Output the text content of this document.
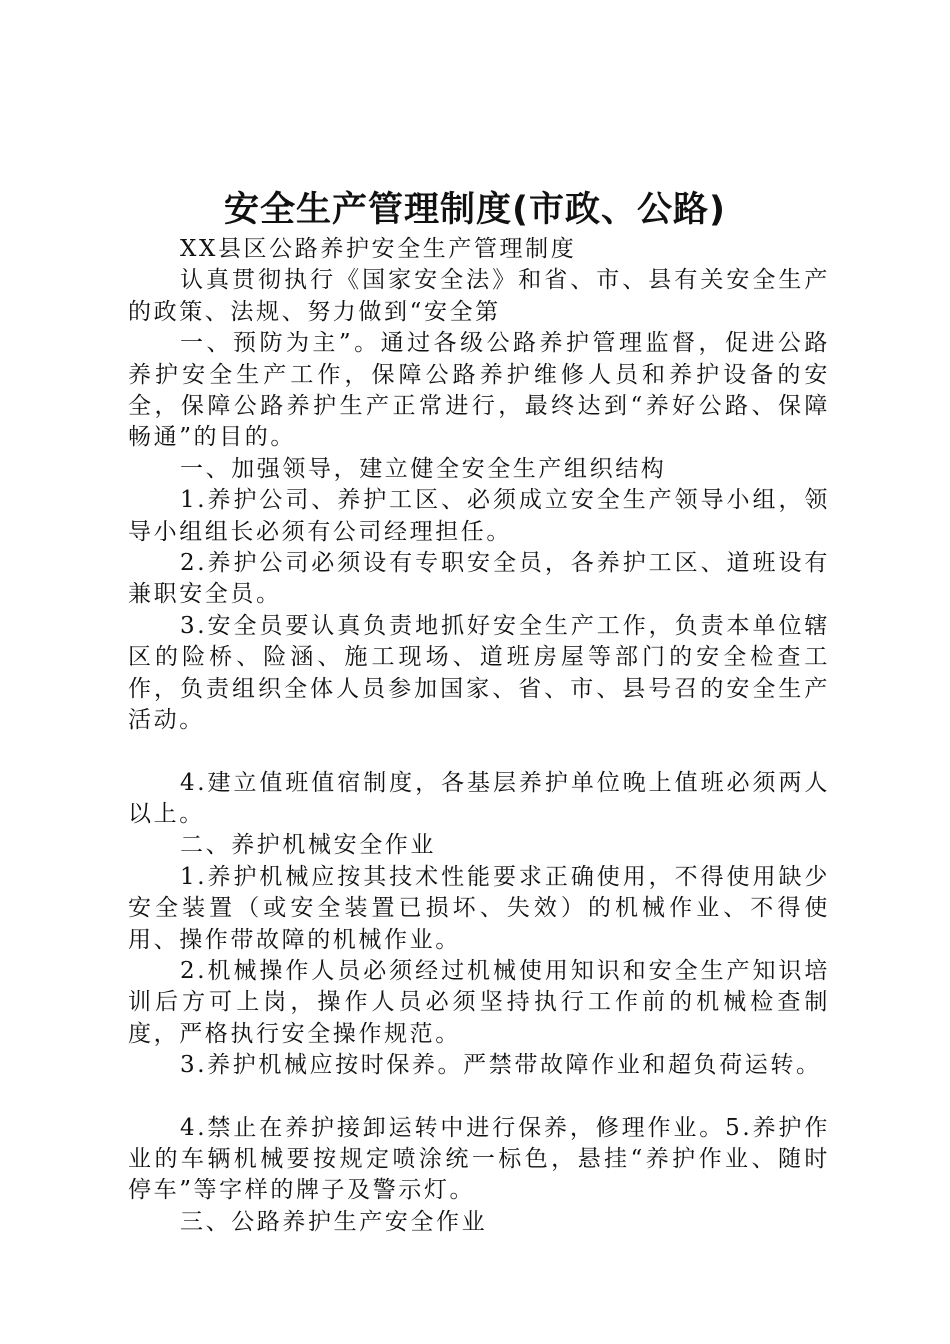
安全生产管理制度(市政、公路)

XX县区公路养护安全生产管理制度

认真贯彻执行《国家安全法》和省、市、县有关安全生产的政策、法规、努力做到“安全第

一、预防为主”。通过各级公路养护管理监督，促进公路养护安全生产工作，保障公路养护维修人员和养护设备的安全，保障公路养护生产正常进行，最终达到“养好公路、保障畅通”的目的。

一、加强领导，建立健全安全生产组织结构

1.养护公司、养护工区、必须成立安全生产领导小组，领导小组组长必须有公司经理担任。

2.养护公司必须设有专职安全员，各养护工区、道班设有兼职安全员。

3.安全员要认真负责地抓好安全生产工作，负责本单位辖区的险桥、险涵、施工现场、道班房屋等部门的安全检查工作，负责组织全体人员参加国家、省、市、县号召的安全生产活动。

4.建立值班值宿制度，各基层养护单位晚上值班必须两人以上。

二、养护机械安全作业

1.养护机械应按其技术性能要求正确使用，不得使用缺少安全装置（或安全装置已损坏、失效）的机械作业、不得使用、操作带故障的机械作业。

2.机械操作人员必须经过机械使用知识和安全生产知识培训后方可上岗，操作人员必须坚持执行工作前的机械检查制度，严格执行安全操作规范。

3.养护机械应按时保养。严禁带故障作业和超负荷运转。

4.禁止在养护接卸运转中进行保养，修理作业。5.养护作业的车辆机械要按规定喷涂统一标色，悬挂“养护作业、随时停车”等字样的牌子及警示灯。

三、公路养护生产安全作业
